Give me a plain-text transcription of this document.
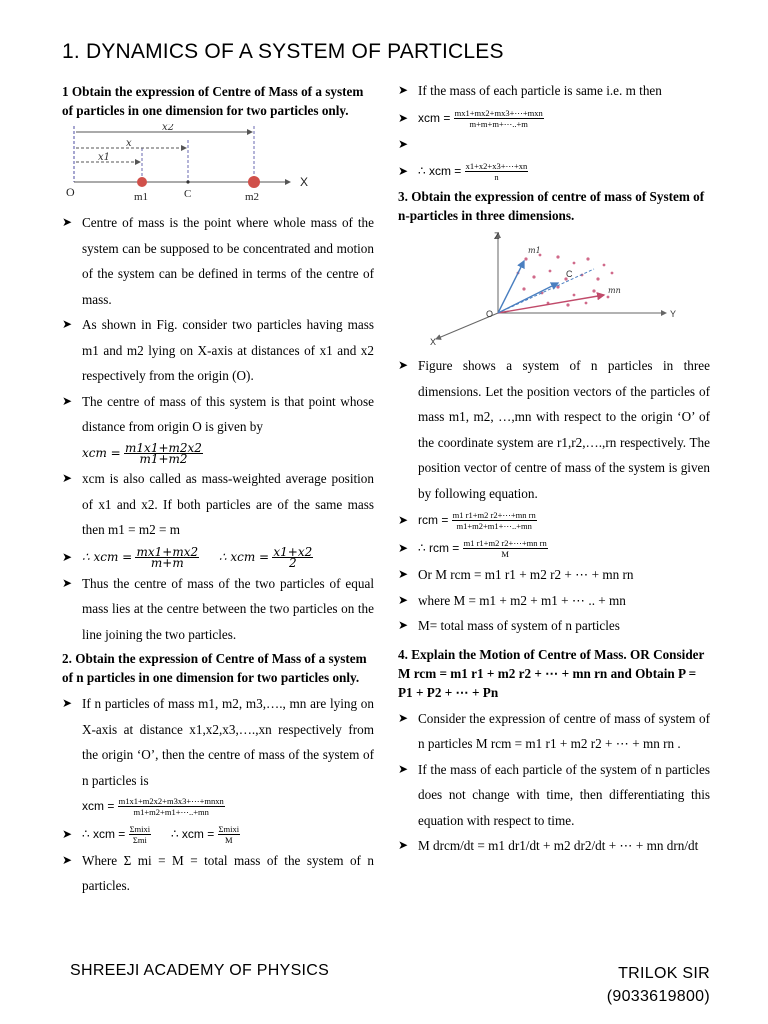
1. DYNAMICS OF A SYSTEM OF PARTICLES
1 Obtain the expression of Centre of Mass of a system of particles in one dimension for two particles only.
x2
x
x1
O	m1	C	m2
X
➤ Centre of mass is the point where whole mass of the system can be supposed to be concentrated and motion of the system can be defined in terms of the centre of mass.
➤ As shown in Fig. consider two particles having mass m1 and m2 lying on X-axis at distances of x1 and x2 respectively from the origin (O).
➤ The centre of mass of this system is that point whose distance from origin O is given by
xcm = $\frac{m1x1+m2x2}{m1+m2}$
➤ xcm is also called as mass-weighted average position of x1 and x2. If both particles are of the same mass then m1 = m2 = m
➤ ∴ xcm = $\frac{mx1+mx2}{m+m}$ ∴ xcm = $\frac{x1+x2}{2}$
➤ Thus the centre of mass of the two particles of equal mass lies at the centre between the two particles on the line joining the two particles.
2. Obtain the expression of Centre of Mass of a system of n particles in one dimension for two particles only.
➤ If n particles of mass m1, m2, m3,…., mn are lying on X-axis at distance x1,x2,x3,….,xn respectively from the origin ‘O’, then the centre of mass of the system of n particles is
xcm = $\frac{\text{m1x1+m2x2+m3x3+⋯+mnxn}}{m1+m2+m1+\cdots..+mn}$
➤ ∴ xcm = $\frac{\text{Σmixi}}{\text{Σmi}}$ ∴ xcm = $\frac{\text{Σmixi}}{M}$
➤ Where Σ mi = M = total mass of the system of n particles.
➤ If the mass of each particle is same i.e. m then
➤ xcm = $\frac{\text{mx1+mx2+mx3+⋯+mxn}}{m+m+m+\cdots..+m}$
➤
➤ ∴ xcm = $\frac{x1+x2+x3+\cdots+xn}{n}$
3. Obtain the expression of centre of mass of System of n-particles in three dimensions.
Z
Y
X
O
m1
C
mn
➤ Figure shows a system of n particles in three dimensions. Let the position vectors of the particles of mass m1, m2, …,mn with respect to the origin ‘O’ of the coordinate system are r1,r2,….,rn respectively. The position vector of centre of mass of the system is given by following equation.
➤ rcm = $\frac{\text{m1 r1+m2 r2+⋯+mn rn}}{m1+m2+m1+\cdots..+mn}$
➤ ∴ rcm = $\frac{\text{m1 r1+m2 r2+⋯+mn rn}}{M}$
➤ Or M rcm = m1 r1 + m2 r2 + ⋯ + mn rn
➤ where M = m1 + m2 + m1 + ⋯ .. + mn
➤ M= total mass of system of n particles
4. Explain the Motion of Centre of Mass. OR Consider M rcm = m1 r1 + m2 r2 + ⋯ + mn rn and Obtain P = P1 + P2 + ⋯ + Pn
➤ Consider the expression of centre of mass of system of n particles M rcm = m1 r1 + m2 r2 + ⋯ + mn rn .
➤ If the mass of each particle of the system of n particles does not change with time, then differentiating this equation with respect to time.
➤ M drcm/dt = m1 dr1/dt + m2 dr2/dt + ⋯ + mn drn/dt
SHREEJI ACADEMY OF PHYSICS	TRILOK SIR
(9033619800)
